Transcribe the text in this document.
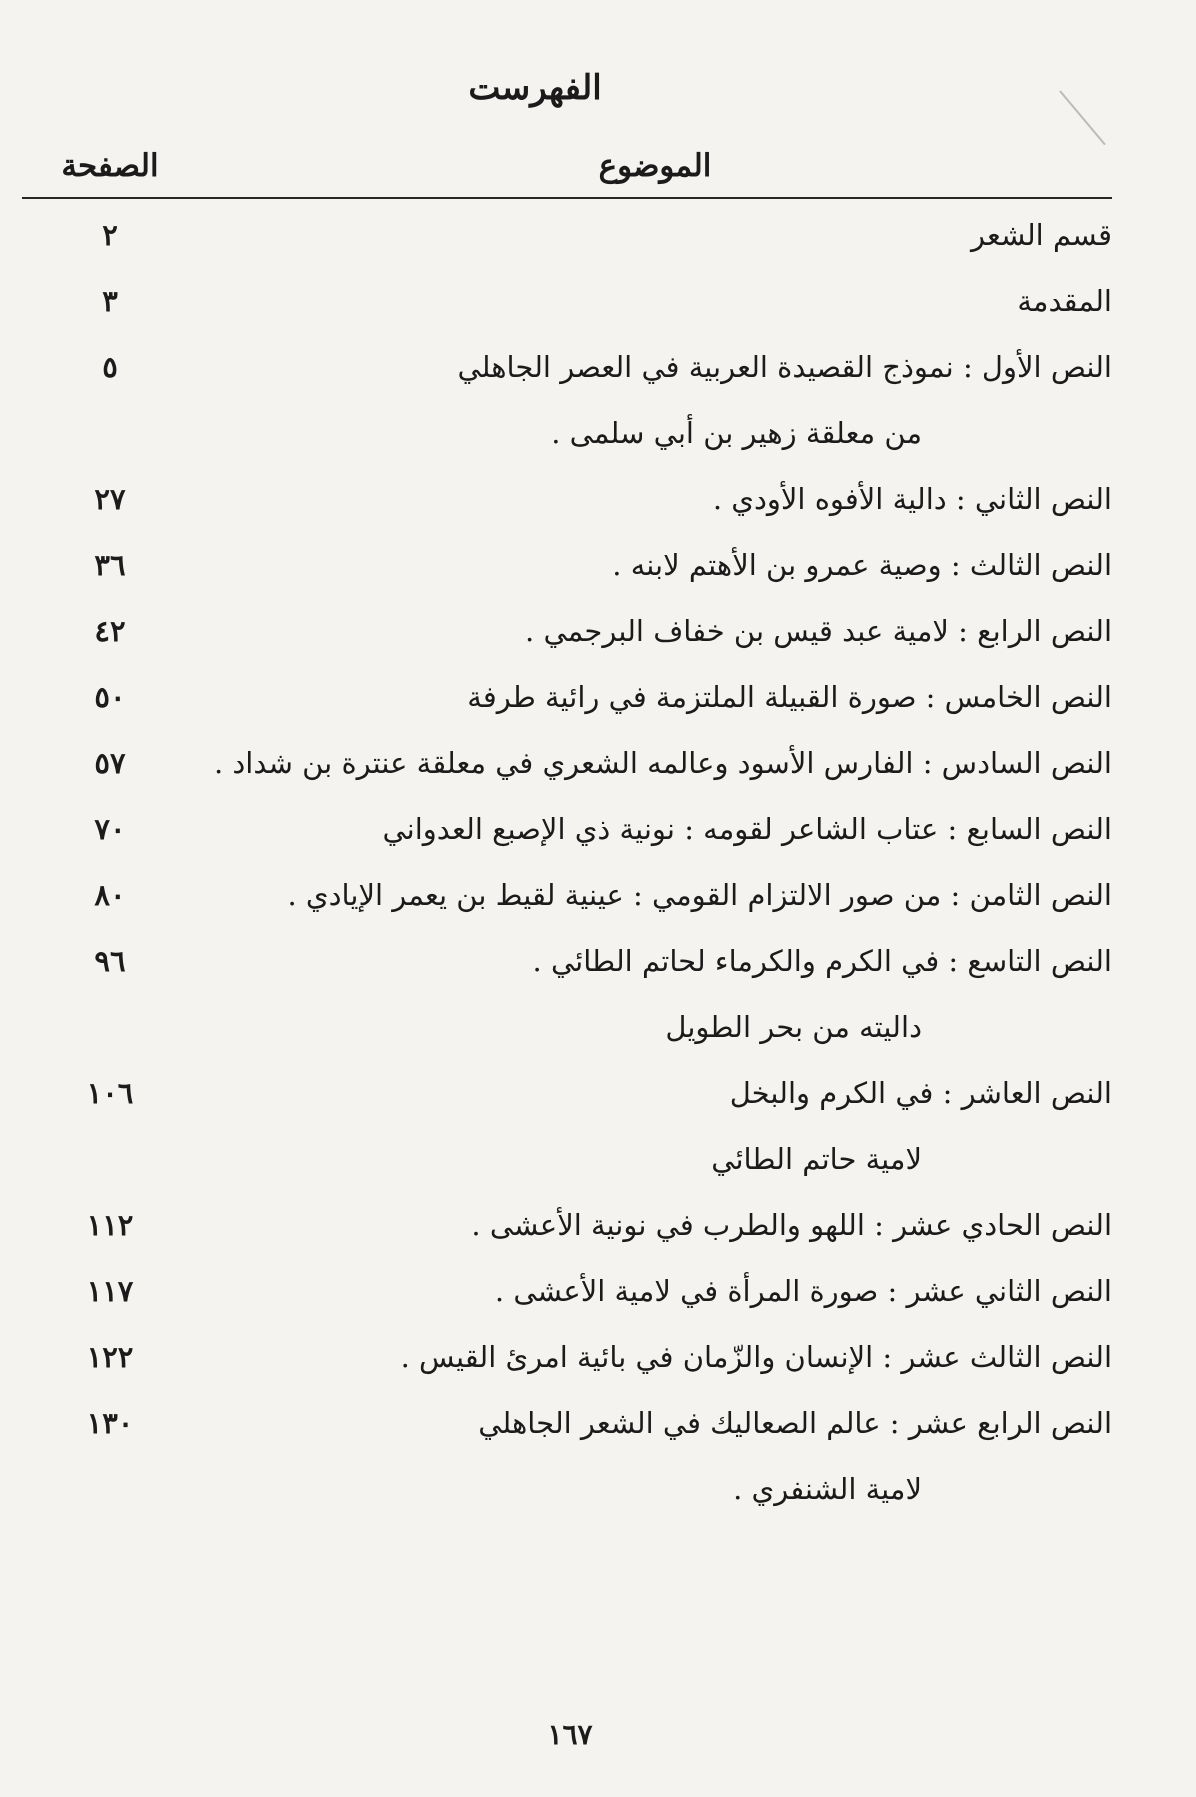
الفهرست
الموضوع
الصفحة
قسم الشعر
٢
المقدمة
٣
النص الأول : نموذج القصيدة العربية في العصر الجاهلي
٥
من معلقة زهير بن أبي سلمى .
النص الثاني : دالية الأفوه الأودي .
٢٧
النص الثالث : وصية عمرو بن الأهتم لابنه .
٣٦
النص الرابع : لامية عبد قيس بن خفاف البرجمي .
٤٢
النص الخامس : صورة القبيلة الملتزمة في رائية طرفة
٥٠
النص السادس : الفارس الأسود وعالمه الشعري في معلقة عنترة بن شداد .
٥٧
النص السابع : عتاب الشاعر لقومه : نونية ذي الإصبع العدواني
٧٠
النص الثامن : من صور الالتزام القومي : عينية لقيط بن يعمر الإيادي .
٨٠
النص التاسع : في الكرم والكرماء لحاتم الطائي .
٩٦
داليته من بحر الطويل
النص العاشر : في الكرم والبخل
١٠٦
لامية حاتم الطائي
النص الحادي عشر : اللهو والطرب في نونية الأعشى .
١١٢
النص الثاني عشر : صورة المرأة في لامية الأعشى .
١١٧
النص الثالث عشر : الإنسان والزّمان في بائية امرئ القيس .
١٢٢
النص الرابع عشر : عالم الصعاليك في الشعر الجاهلي
١٣٠
لامية الشنفري .
١٦٧
